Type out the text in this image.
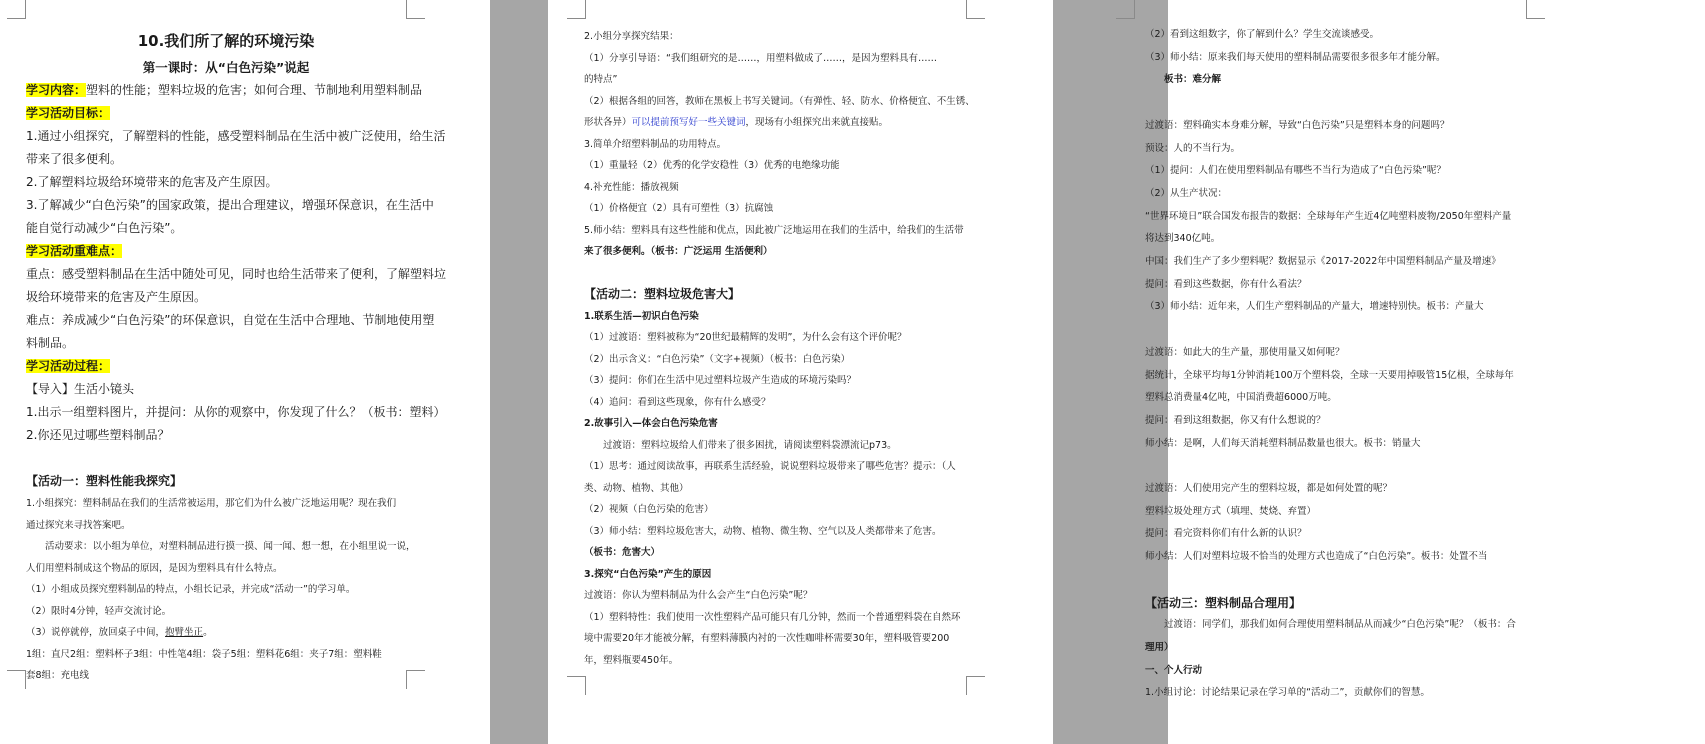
10.我们所了解的环境污染

第一课时：从“白色污染”说起

学习内容：塑料的性能；塑料垃圾的危害；如何合理、节制地利用塑料制品

学习活动目标：

1.通过小组探究，了解塑料的性能，感受塑料制品在生活中被广泛使用，给生活

带来了很多便利。

2.了解塑料垃圾给环境带来的危害及产生原因。

3.了解减少“白色污染”的国家政策，提出合理建议，增强环保意识，在生活中

能自觉行动减少“白色污染”。

学习活动重难点：

重点：感受塑料制品在生活中随处可见，同时也给生活带来了便利，了解塑料垃

圾给环境带来的危害及产生原因。

难点：养成减少“白色污染”的环保意识，自觉在生活中合理地、节制地使用塑

料制品。

学习活动过程：

【导入】生活小镜头

1.出示一组塑料图片，并提问：从你的观察中，你发现了什么？（板书：塑料）

2.你还见过哪些塑料制品？

【活动一：塑料性能我探究】

1.小组探究：塑料制品在我们的生活常被运用，那它们为什么被广泛地运用呢？现在我们

通过探究来寻找答案吧。

活动要求：以小组为单位，对塑料制品进行摸一摸、闻一闻、想一想，在小组里说一说，

人们用塑料制成这个物品的原因，是因为塑料具有什么特点。

（1）小组成员探究塑料制品的特点，小组长记录，并完成“活动一”的学习单。

（2）限时4分钟，轻声交流讨论。

（3）说停就停，放回桌子中间，抱臂坐正。

1组：直尺2组：塑料杯子3组：中性笔4组：袋子5组：塑料花6组：夹子7组：塑料鞋

套8组：充电线

2.小组分享探究结果：

（1）分享引导语：“我们组研究的是……，用塑料做成了……，是因为塑料具有……

的特点”

（2）根据各组的回答，教师在黑板上书写关键词。（有弹性、轻、防水、价格便宜、不生锈、

形状各异）可以提前预写好一些关键词，现场有小组探究出来就直接贴。

3.简单介绍塑料制品的功用特点。

（1）重量轻（2）优秀的化学安稳性（3）优秀的电绝缘功能

4.补充性能：播放视频

（1）价格便宜（2）具有可塑性（3）抗腐蚀

5.师小结：塑料具有这些性能和优点，因此被广泛地运用在我们的生活中，给我们的生活带

来了很多便利。（板书：广泛运用 生活便利）

【活动二：塑料垃圾危害大】

1.联系生活—初识白色污染

（1）过渡语：塑料被称为“20世纪最精辉的发明”，为什么会有这个评价呢？

（2）出示含义：“白色污染”（文字+视频）（板书：白色污染）

（3）提问：你们在生活中见过塑料垃圾产生造成的环境污染吗？

（4）追问：看到这些现象，你有什么感受？

2.故事引入—体会白色污染危害

过渡语：塑料垃圾给人们带来了很多困扰，请阅读塑料袋漂流记p73。

（1）思考：通过阅读故事，再联系生活经验，说说塑料垃圾带来了哪些危害？提示：（人

类、动物、植物、其他）

（2）视频（白色污染的危害）

（3）师小结：塑料垃圾危害大，动物、植物、微生物、空气以及人类都带来了危害。

（板书：危害大）

3.探究“白色污染”产生的原因

过渡语：你认为塑料制品为什么会产生“白色污染”呢？

（1）塑料特性：我们使用一次性塑料产品可能只有几分钟，然而一个普通塑料袋在自然环

境中需要20年才能被分解，有塑料薄膜内衬的一次性咖啡杯需要30年，塑料吸管要200

年，塑料瓶要450年。

（2）看到这组数字，你了解到什么？学生交流谈感受。

（3）师小结：原来我们每天使用的塑料制品需要很多很多年才能分解。

板书：难分解

过渡语：塑料确实本身难分解，导致“白色污染”只是塑料本身的问题吗？

预设：人的不当行为。

（1）提问：人们在使用塑料制品有哪些不当行为造成了“白色污染”呢？

（2）从生产状况：

“世界环境日”联合国发布报告的数据：全球每年产生近4亿吨塑料废物/2050年塑料产量

将达到340亿吨。

中国：我们生产了多少塑料呢？数据显示《2017-2022年中国塑料制品产量及增速》

提问：看到这些数据，你有什么看法？

（3）师小结：近年来，人们生产塑料制品的产量大，增速特别快。板书：产量大

过渡语：如此大的生产量，那使用量又如何呢？

据统计，全球平均每1分钟消耗100万个塑料袋，全球一天要用掉吸管15亿根，全球每年

塑料总消费量4亿吨，中国消费超6000万吨。

提问：看到这组数据，你又有什么想说的？

师小结：是啊，人们每天消耗塑料制品数量也很大。板书：销量大

过渡语：人们使用完产生的塑料垃圾，都是如何处置的呢？

塑料垃圾处理方式（填埋、焚烧、弃置）

提问：看完资料你们有什么新的认识？

师小结：人们对塑料垃圾不恰当的处理方式也造成了“白色污染”。板书：处置不当

【活动三：塑料制品合理用】

过渡语：同学们，那我们如何合理使用塑料制品从而减少“白色污染”呢？（板书：合

理用）

一、个人行动

1.小组讨论：讨论结果记录在学习单的“活动二”，贡献你们的智慧。
